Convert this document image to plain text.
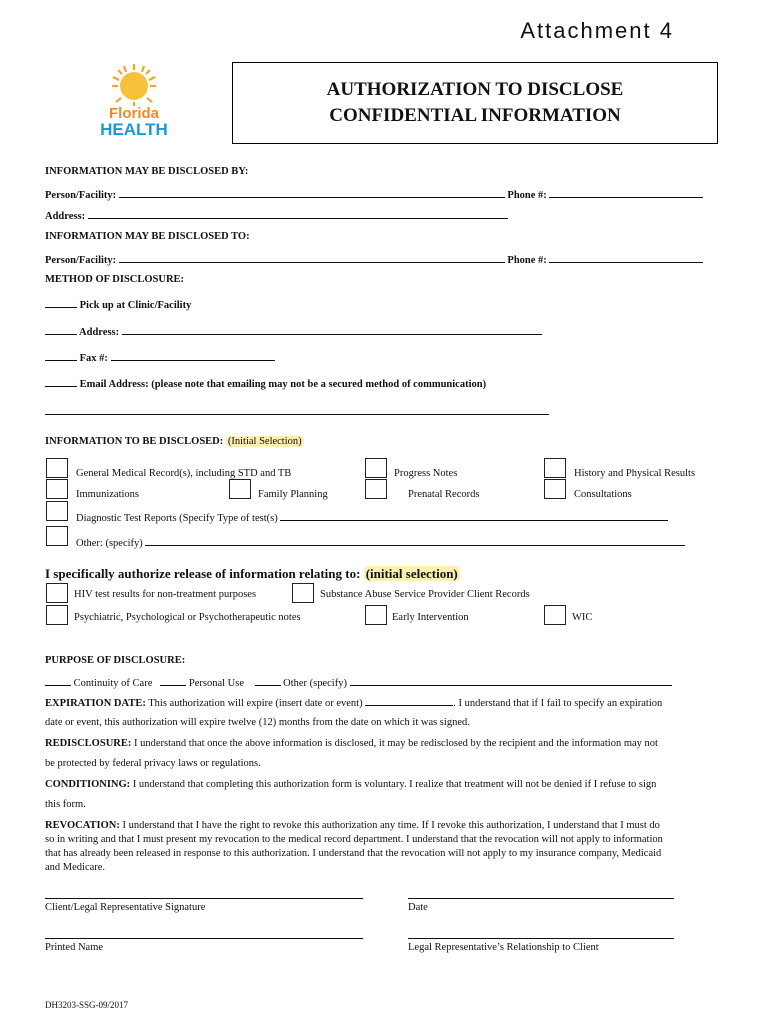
Attachment 4
Florida
HEALTH
AUTHORIZATION TO DISCLOSE
CONFIDENTIAL INFORMATION
INFORMATION MAY BE DISCLOSED BY:
Person/Facility:	Phone #:
Address:
INFORMATION MAY BE DISCLOSED TO:
Person/Facility:	Phone #:
METHOD OF DISCLOSURE:
Pick up at Clinic/Facility
Address:
Fax #:
Email Address: (please note that emailing may not be a secured method of communication)
INFORMATION TO BE DISCLOSED: (Initial Selection)
General Medical Record(s), including STD and TB	Progress Notes	History and Physical Results
Immunizations	Family Planning	Prenatal Records	Consultations
Diagnostic Test Reports (Specify Type of test(s)
Other: (specify)
I specifically authorize release of information relating to: (initial selection)
HIV test results for non-treatment purposes	Substance Abuse Service Provider Client Records
Psychiatric, Psychological or Psychotherapeutic notes	Early Intervention	WIC
PURPOSE OF DISCLOSURE:
Continuity of Care	Personal Use	Other (specify)
EXPIRATION DATE: This authorization will expire (insert date or event)	. I understand that if I fail to specify an expiration
date or event, this authorization will expire twelve (12) months from the date on which it was signed.
REDISCLOSURE: I understand that once the above information is disclosed, it may be redisclosed by the recipient and the information may not
be protected by federal privacy laws or regulations.
CONDITIONING: I understand that completing this authorization form is voluntary. I realize that treatment will not be denied if I refuse to sign
this form.
REVOCATION: I understand that I have the right to revoke this authorization any time. If I revoke this authorization, I understand that I must do
so in writing and that I must present my revocation to the medical record department. I understand that the revocation will not apply to information
that has already been released in response to this authorization. I understand that the revocation will not apply to my insurance company, Medicaid
and Medicare.
Client/Legal Representative Signature	Date
Printed Name	Legal Representative’s Relationship to Client
DH3203-SSG-09/2017
